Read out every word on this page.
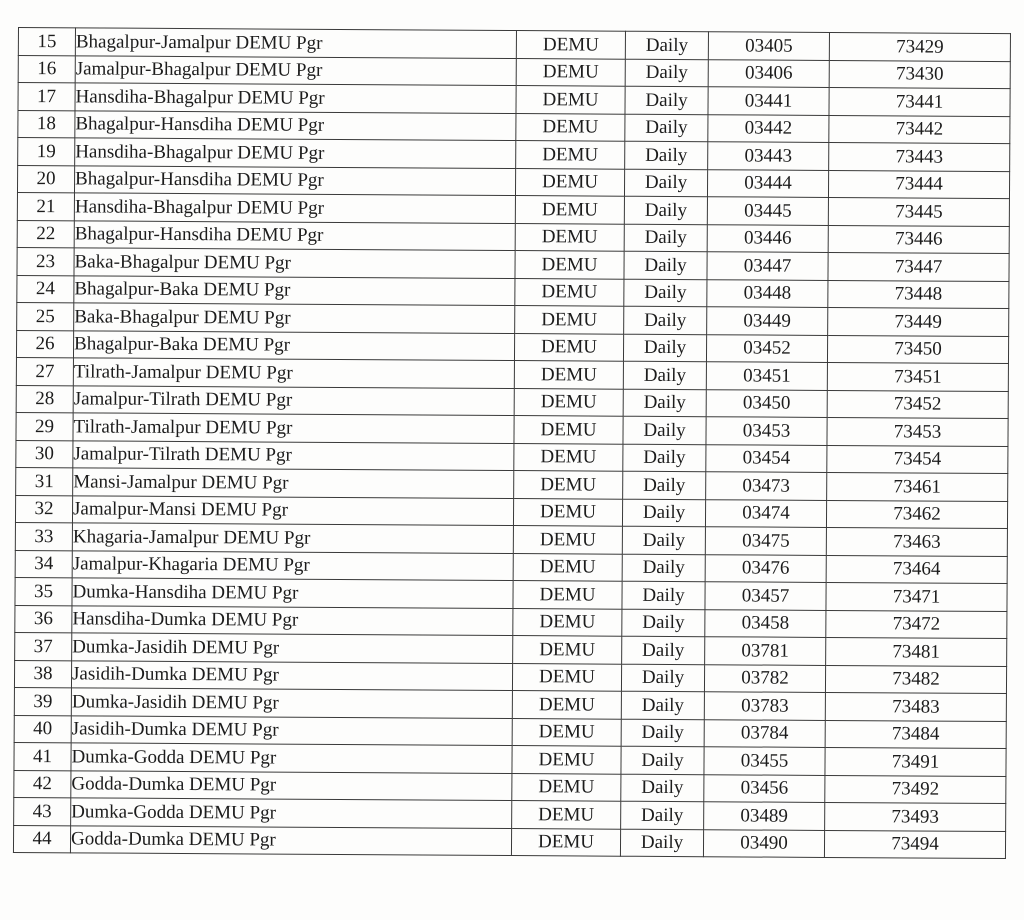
15	Bhagalpur-Jamalpur DEMU Pgr	DEMU	Daily	03405	73429
16	Jamalpur-Bhagalpur DEMU Pgr	DEMU	Daily	03406	73430
17	Hansdiha-Bhagalpur DEMU Pgr	DEMU	Daily	03441	73441
18	Bhagalpur-Hansdiha DEMU Pgr	DEMU	Daily	03442	73442
19	Hansdiha-Bhagalpur DEMU Pgr	DEMU	Daily	03443	73443
20	Bhagalpur-Hansdiha DEMU Pgr	DEMU	Daily	03444	73444
21	Hansdiha-Bhagalpur DEMU Pgr	DEMU	Daily	03445	73445
22	Bhagalpur-Hansdiha DEMU Pgr	DEMU	Daily	03446	73446
23	Baka-Bhagalpur DEMU Pgr	DEMU	Daily	03447	73447
24	Bhagalpur-Baka DEMU Pgr	DEMU	Daily	03448	73448
25	Baka-Bhagalpur DEMU Pgr	DEMU	Daily	03449	73449
26	Bhagalpur-Baka DEMU Pgr	DEMU	Daily	03452	73450
27	Tilrath-Jamalpur DEMU Pgr	DEMU	Daily	03451	73451
28	Jamalpur-Tilrath DEMU Pgr	DEMU	Daily	03450	73452
29	Tilrath-Jamalpur DEMU Pgr	DEMU	Daily	03453	73453
30	Jamalpur-Tilrath DEMU Pgr	DEMU	Daily	03454	73454
31	Mansi-Jamalpur DEMU Pgr	DEMU	Daily	03473	73461
32	Jamalpur-Mansi DEMU Pgr	DEMU	Daily	03474	73462
33	Khagaria-Jamalpur DEMU Pgr	DEMU	Daily	03475	73463
34	Jamalpur-Khagaria DEMU Pgr	DEMU	Daily	03476	73464
35	Dumka-Hansdiha DEMU Pgr	DEMU	Daily	03457	73471
36	Hansdiha-Dumka DEMU Pgr	DEMU	Daily	03458	73472
37	Dumka-Jasidih DEMU Pgr	DEMU	Daily	03781	73481
38	Jasidih-Dumka DEMU Pgr	DEMU	Daily	03782	73482
39	Dumka-Jasidih DEMU Pgr	DEMU	Daily	03783	73483
40	Jasidih-Dumka DEMU Pgr	DEMU	Daily	03784	73484
41	Dumka-Godda DEMU Pgr	DEMU	Daily	03455	73491
42	Godda-Dumka DEMU Pgr	DEMU	Daily	03456	73492
43	Dumka-Godda DEMU Pgr	DEMU	Daily	03489	73493
44	Godda-Dumka DEMU Pgr	DEMU	Daily	03490	73494
